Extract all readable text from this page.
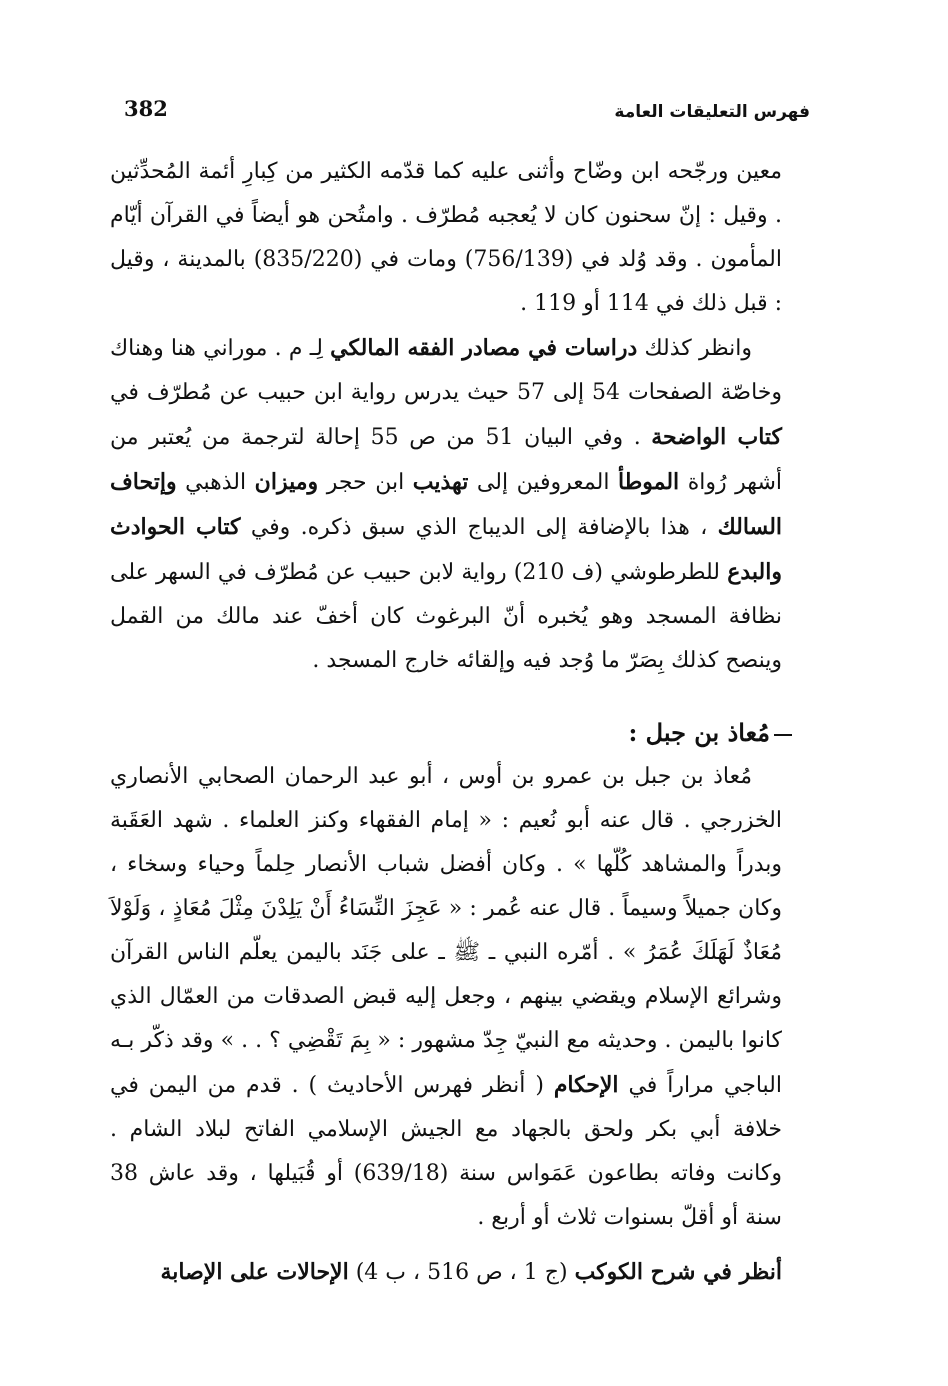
382	فهرس التعليقات العامة

معين ورجّحه ابن وضّاح وأثنى عليه كما قدّمه الكثير من كِبارِ أئمة المُحدِّثين . وقيل : إنّ سحنون كان لا يُعجبه مُطرّف . وامتُحن هو أيضاً في القرآن أيّام المأمون . وقد وُلد في (756/139) ومات في (835/220) بالمدينة ، وقيل : قبل ذلك في 114 أو 119 .

وانظر كذلك دراسات في مصادر الفقه المالكي لِـ م . موراني هنا وهناك وخاصّة الصفحات 54 إلى 57 حيث يدرس رواية ابن حبيب عن مُطرّف في كتاب الواضحة . وفي البيان 51 من ص 55 إحالة لترجمة من يُعتبر من أشهر رُواة الموطأ المعروفين إلى تهذيب ابن حجر وميزان الذهبي وإتحاف السالك ، هذا بالإضافة إلى الديباج الذي سبق ذكره. وفي كتاب الحوادث والبدع للطرطوشي (ف 210) رواية لابن حبيب عن مُطرّف في السهر على نظافة المسجد وهو يُخبره أنّ البرغوث كان أخفّ عند مالك من القمل وينصح كذلك بِصَرّ ما وُجد فيه وإلقائه خارج المسجد .

مُعاذ بن جبل :

مُعاذ بن جبل بن عمرو بن أوس ، أبو عبد الرحمان الصحابي الأنصاري الخزرجي . قال عنه أبو نُعيم : « إمام الفقهاء وكنز العلماء . شهد العَقَبة وبدراً والمشاهد كُلّها » . وكان أفضل شباب الأنصار حِلماً وحياء وسخاء ، وكان جميلاً وسيماً . قال عنه عُمر : « عَجِزَ النِّسَاءُ أَنْ يَلِدْنَ مِثْلَ مُعَاذٍ ، وَلَوْلاَ مُعَاذٌ لَهَلَكَ عُمَرُ » . أمّره النبي ـ ﷺ ـ على جَنَد باليمن يعلّم الناس القرآن وشرائع الإسلام ويقضي بينهم ، وجعل إليه قبض الصدقات من العمّال الذي كانوا باليمن . وحديثه مع النبيّ جِدّ مشهور : « بِمَ تَقْضِي ؟ . . » وقد ذكّر بـه الباجي مراراً في الإحكام ( أنظر فهرس الأحاديث ) . قدم من اليمن في خلافة أبي بكر ولحق بالجهاد مع الجيش الإسلامي الفاتح لبلاد الشام . وكانت وفاته بطاعون عَمَواس سنة (639/18) أو قُبَيلها ، وقد عاش 38 سنة أو أقلّ بسنوات ثلاث أو أربع .

أنظر في شرح الكوكب (ج 1 ، ص 516 ، ب 4) الإحالات على الإصابة
